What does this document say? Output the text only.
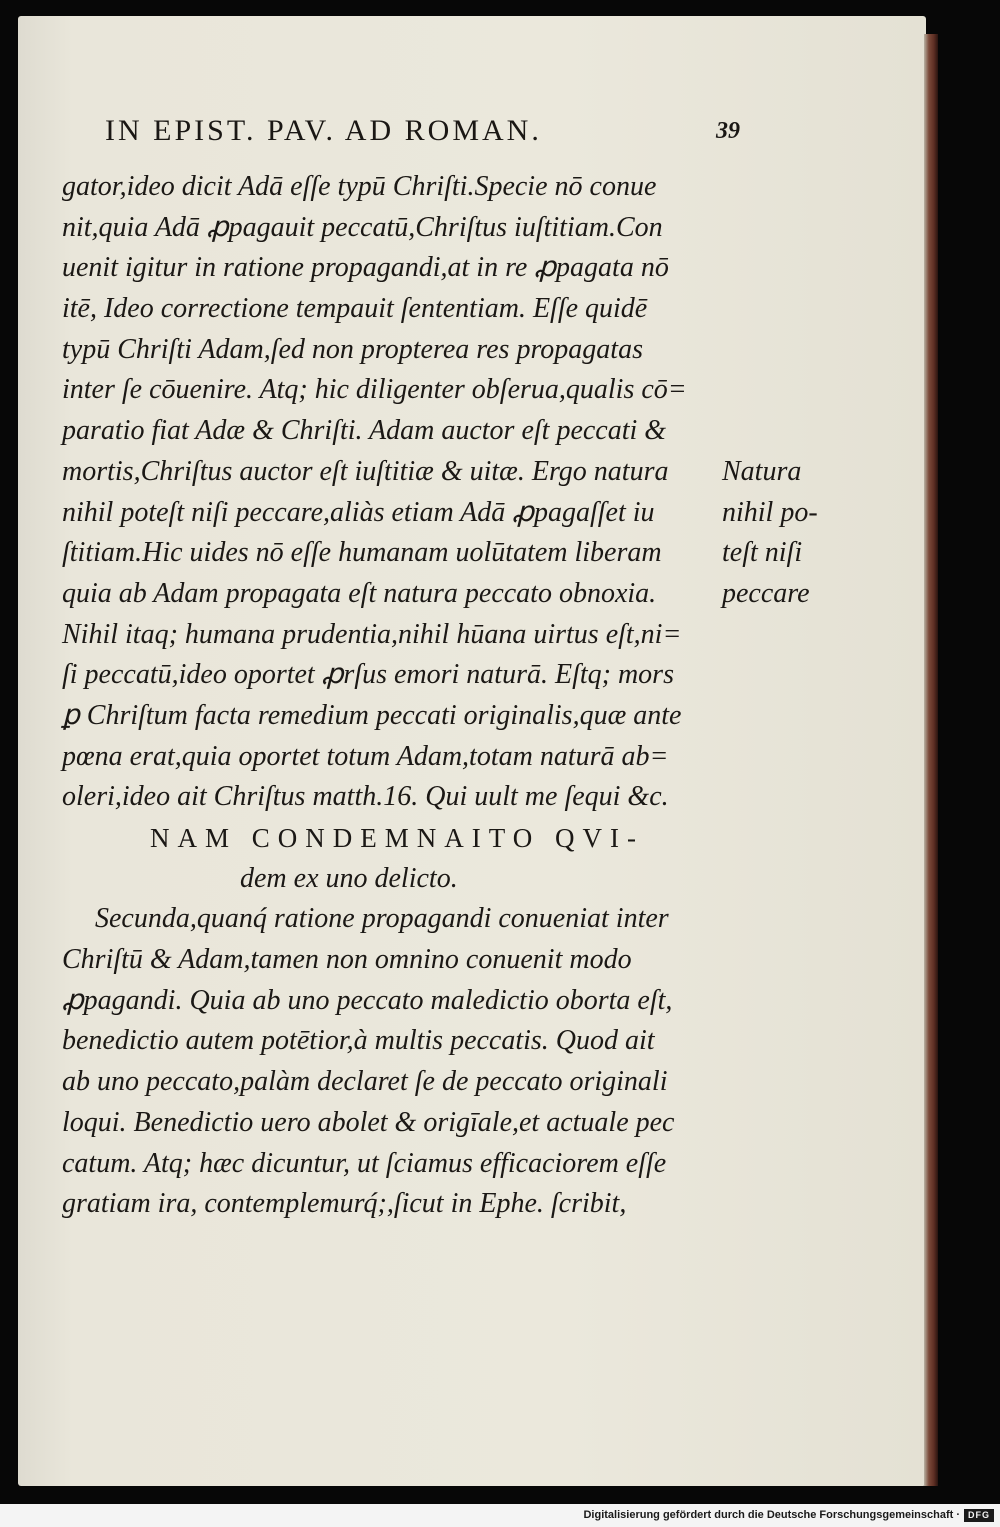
IN EPIST. PAV. AD ROMAN.	39
gator,ideo dicit Adā eſſe typū Chriſti.Specie nō conue
nit,quia Adā ꝓpagauit peccatū,Chriſtus iuſtitiam.Con
uenit igitur in ratione propagandi,at in re ꝓpagata nō
itē, Ideo correctione tempauit ſententiam. Eſſe quidē
typū Chriſti Adam,ſed non propterea res propagatas
inter ſe cōuenire. Atq; hic diligenter obſerua,qualis cō=
paratio fiat Adæ & Chriſti. Adam auctor eſt peccati &
mortis,Chriſtus auctor eſt iuſtitiæ & uitæ. Ergo natura
nihil poteſt niſi peccare,aliàs etiam Adā ꝓpagaſſet iu
ſtitiam.Hic uides nō eſſe humanam uolūtatem liberam
quia ab Adam propagata eſt natura peccato obnoxia.
Nihil itaq; humana prudentia,nihil hūana uirtus eſt,ni=
ſi peccatū,ideo oportet ꝓrſus emori naturā. Eſtq; mors
ꝑ Chriſtum facta remedium peccati originalis,quæ ante
pœna erat,quia oportet totum Adam,totam naturā ab=
oleri,ideo ait Chriſtus matth.16. Qui uult me ſequi &c.
NAM CONDEMNAITO QVI-
dem ex uno delicto.
Secunda,quanq́ ratione propagandi conueniat inter
Chriſtū & Adam,tamen non omnino conuenit modo
ꝓpagandi. Quia ab uno peccato maledictio oborta eſt,
benedictio autem potētior,à multis peccatis. Quod ait
ab uno peccato,palàm declaret ſe de peccato originali
loqui. Benedictio uero abolet & origīale,et actuale pec
catum. Atq; hæc dicuntur, ut ſciamus efficaciorem eſſe
gratiam ira, contemplemurq́;,ſicut in Ephe. ſcribit,
Natura
nihil po-
teſt niſi
peccare
Digitalisierung gefördert durch die Deutsche Forschungsgemeinschaft · DFG
